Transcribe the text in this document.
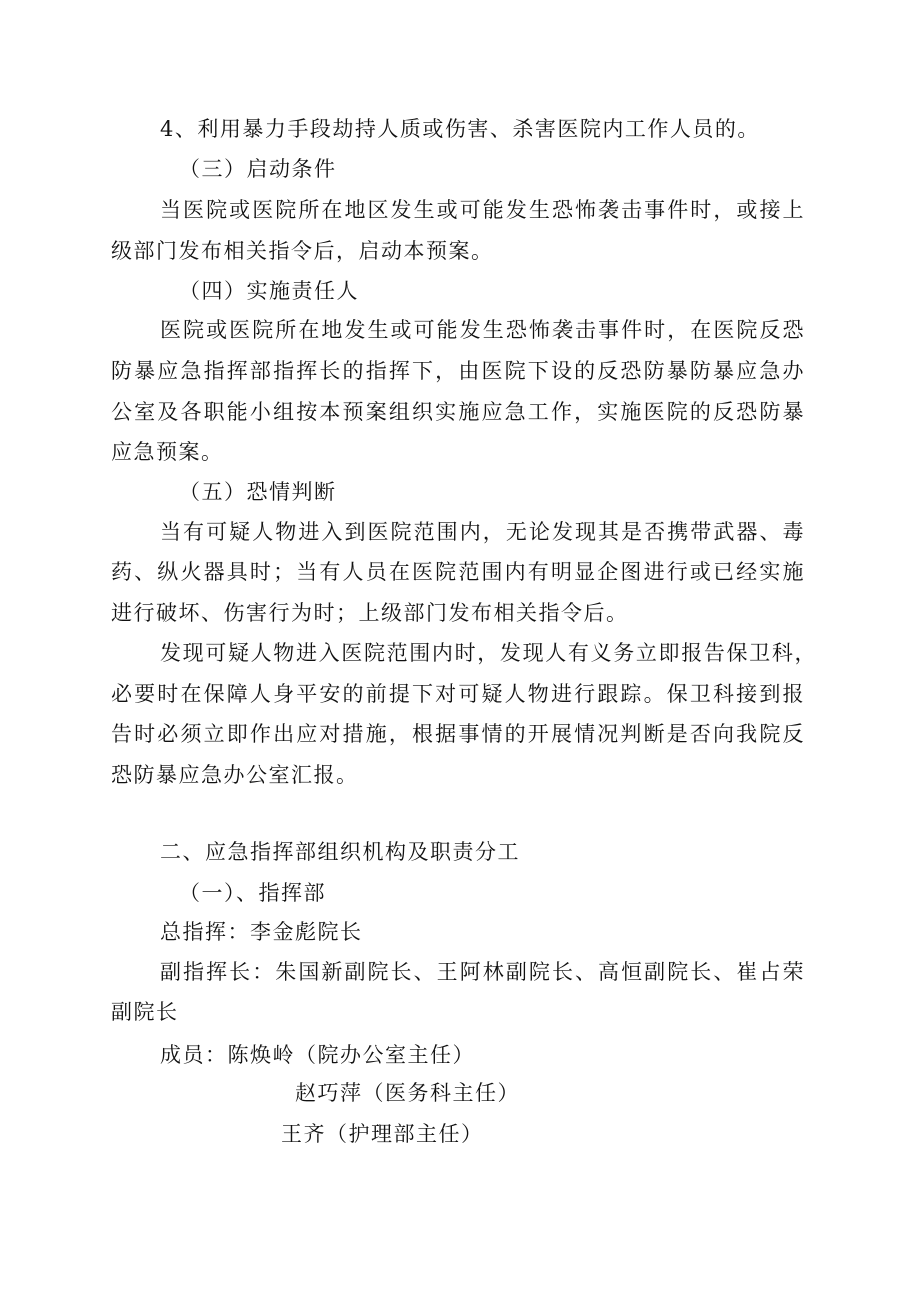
4、利用暴力手段劫持人质或伤害、杀害医院内工作人员的。
（三）启动条件
当医院或医院所在地区发生或可能发生恐怖袭击事件时，或接上
级部门发布相关指令后，启动本预案。
（四）实施责任人
医院或医院所在地发生或可能发生恐怖袭击事件时，在医院反恐
防暴应急指挥部指挥长的指挥下，由医院下设的反恐防暴防暴应急办
公室及各职能小组按本预案组织实施应急工作，实施医院的反恐防暴
应急预案。
（五）恐情判断
当有可疑人物进入到医院范围内，无论发现其是否携带武器、毒
药、纵火器具时；当有人员在医院范围内有明显企图进行或已经实施
进行破坏、伤害行为时；上级部门发布相关指令后。
发现可疑人物进入医院范围内时，发现人有义务立即报告保卫科，
必要时在保障人身平安的前提下对可疑人物进行跟踪。保卫科接到报
告时必须立即作出应对措施，根据事情的开展情况判断是否向我院反
恐防暴应急办公室汇报。
二、应急指挥部组织机构及职责分工
（一）、指挥部
总指挥：李金彪院长
副指挥长：朱国新副院长、王阿林副院长、高恒副院长、崔占荣
副院长
成员：陈焕岭（院办公室主任）
赵巧萍（医务科主任）
王齐（护理部主任）
